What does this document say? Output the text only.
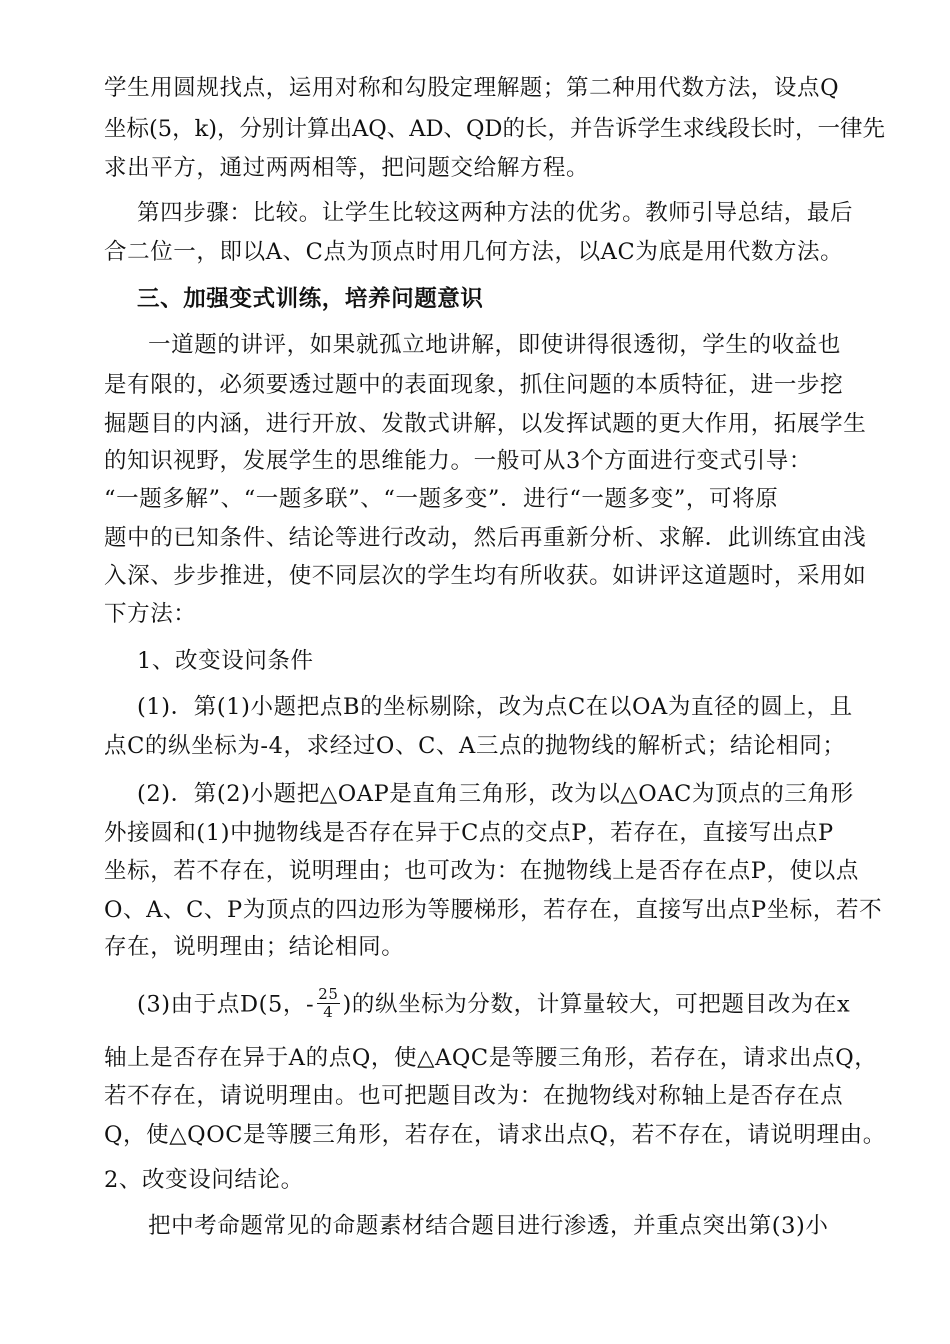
学生用圆规找点，运用对称和勾股定理解题；第二种用代数方法，设点Q
坐标(5，k)，分别计算出AQ、AD、QD的长，并告诉学生求线段长时，一律先
求出平方，通过两两相等，把问题交给解方程。
第四步骤：比较。让学生比较这两种方法的优劣。教师引导总结，最后
合二位一，即以A、C点为顶点时用几何方法，以AC为底是用代数方法。
三、加强变式训练，培养问题意识
一道题的讲评，如果就孤立地讲解，即使讲得很透彻，学生的收益也
是有限的，必须要透过题中的表面现象，抓住问题的本质特征，进一步挖
掘题目的内涵，进行开放、发散式讲解，以发挥试题的更大作用，拓展学生
的知识视野，发展学生的思维能力。一般可从3个方面进行变式引导：
“一题多解”、“一题多联”、“一题多变”．进行“一题多变”，可将原
题中的已知条件、结论等进行改动，然后再重新分析、求解．此训练宜由浅
入深、步步推进，使不同层次的学生均有所收获。如讲评这道题时，采用如
下方法：
1、改变设问条件
(1)．第(1)小题把点B的坐标剔除，改为点C在以OA为直径的圆上，且
点C的纵坐标为-4，求经过O、C、A三点的抛物线的解析式；结论相同；
(2)．第(2)小题把△OAP是直角三角形，改为以△OAC为顶点的三角形
外接圆和(1)中抛物线是否存在异于C点的交点P，若存在，直接写出点P
坐标，若不存在，说明理由；也可改为：在抛物线上是否存在点P，使以点
O、A、C、P为顶点的四边形为等腰梯形，若存在，直接写出点P坐标，若不
存在，说明理由；结论相同。
(3)由于点D(5，- $\frac{25}{4}$ )的纵坐标为分数，计算量较大，可把题目改为在x
轴上是否存在异于A的点Q，使△AQC是等腰三角形，若存在，请求出点Q，
若不存在，请说明理由。也可把题目改为：在抛物线对称轴上是否存在点
Q，使△QOC是等腰三角形，若存在，请求出点Q，若不存在，请说明理由。
2、改变设问结论。
把中考命题常见的命题素材结合题目进行渗透，并重点突出第(3)小
